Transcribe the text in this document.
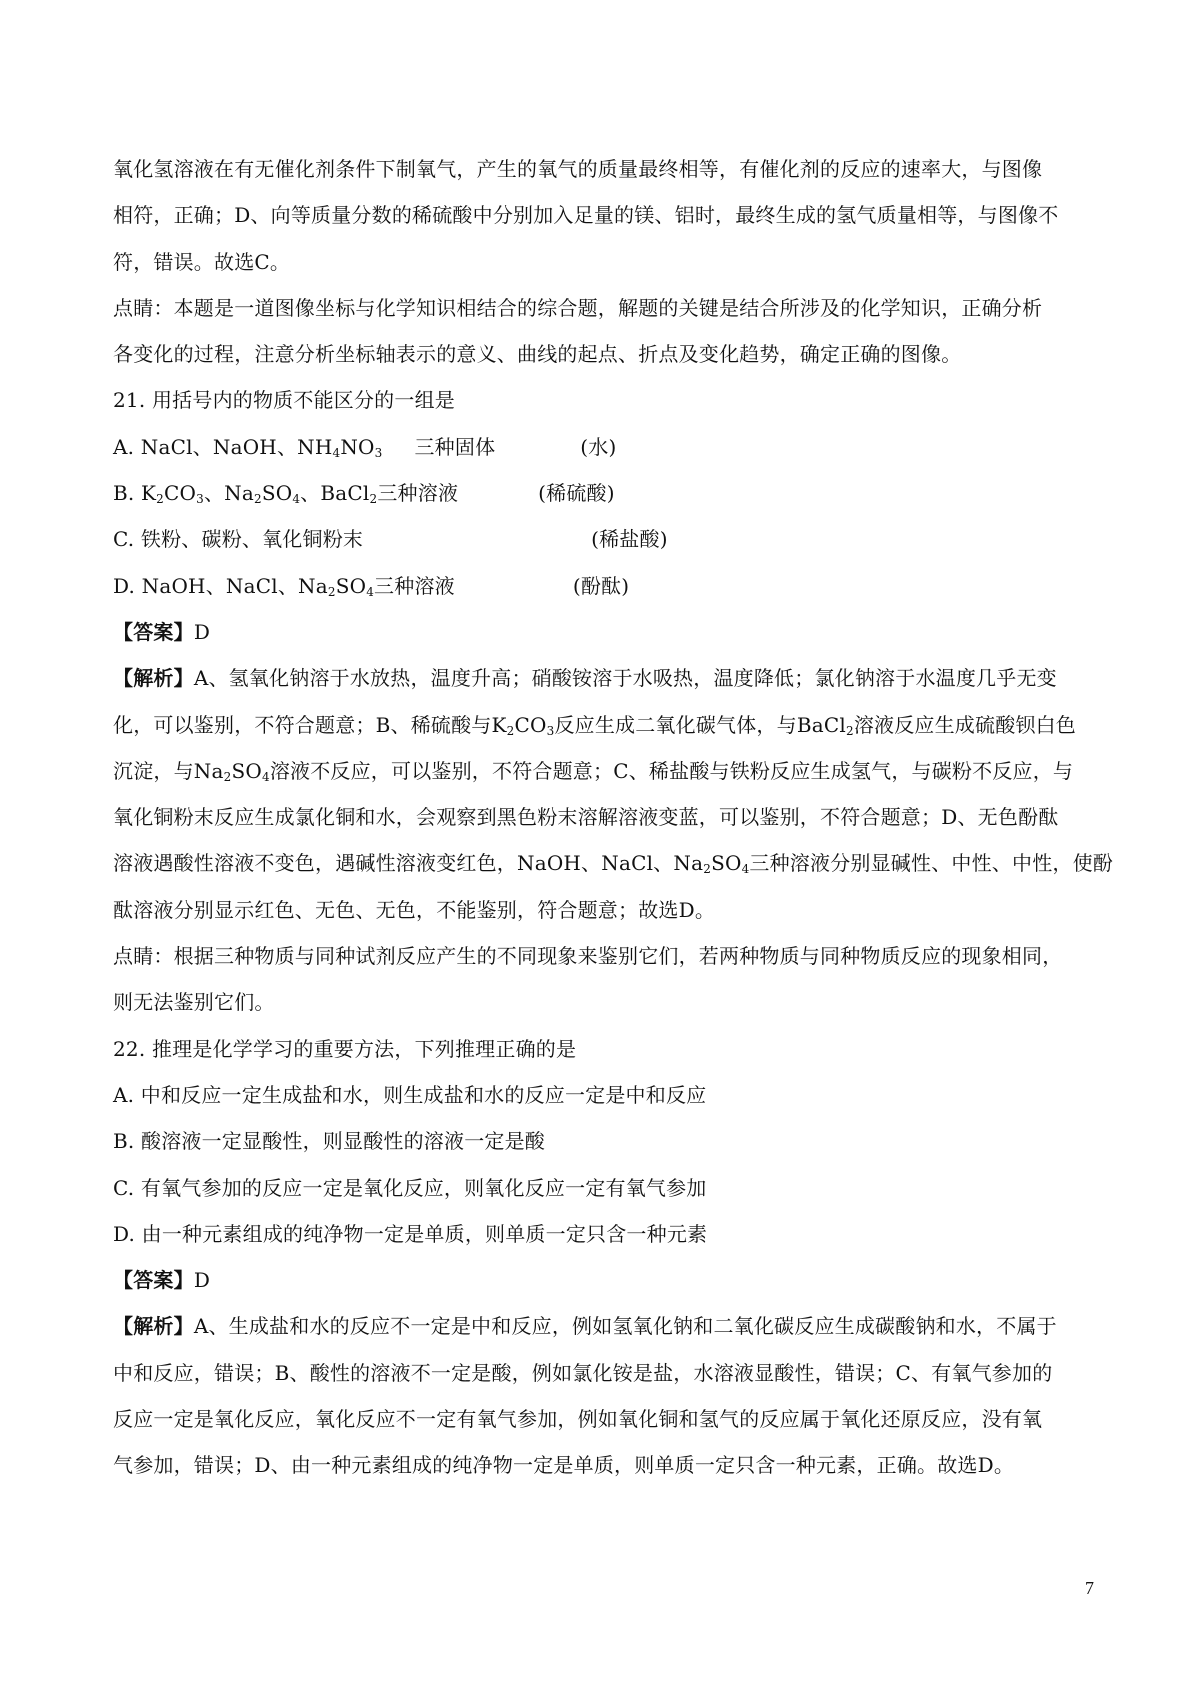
氧化氢溶液在有无催化剂条件下制氧气，产生的氧气的质量最终相等，有催化剂的反应的速率大，与图像
相符，正确；D、向等质量分数的稀硫酸中分别加入足量的镁、铝时，最终生成的氢气质量相等，与图像不
符，错误。故选C。
点睛：本题是一道图像坐标与化学知识相结合的综合题，解题的关键是结合所涉及的化学知识，正确分析
各变化的过程，注意分析坐标轴表示的意义、曲线的起点、折点及变化趋势，确定正确的图像。
21. 用括号内的物质不能区分的一组是
A. NaCl、NaOH、$NH_4NO_3$ 三种固体	(水)
B. $K_2CO_3$、$Na_2SO_4$、BaCl$_2$三种溶液	(稀硫酸)
C. 铁粉、碳粉、氧化铜粉末	(稀盐酸)
D. NaOH、NaCl、$Na_2SO_4$三种溶液	(酚酞)
【答案】D
【解析】A、氢氧化钠溶于水放热，温度升高；硝酸铵溶于水吸热，温度降低；氯化钠溶于水温度几乎无变
化，可以鉴别，不符合题意；B、稀硫酸与$K_2CO_3$反应生成二氧化碳气体，与BaCl$_2$溶液反应生成硫酸钡白色
沉淀，与$Na_2SO_4$溶液不反应，可以鉴别，不符合题意；C、稀盐酸与铁粉反应生成氢气，与碳粉不反应，与
氧化铜粉末反应生成氯化铜和水，会观察到黑色粉末溶解溶液变蓝，可以鉴别，不符合题意；D、无色酚酞
溶液遇酸性溶液不变色，遇碱性溶液变红色，NaOH、NaCl、$Na_2SO_4$三种溶液分别显碱性、中性、中性，使酚
酞溶液分别显示红色、无色、无色，不能鉴别，符合题意；故选D。
点睛：根据三种物质与同种试剂反应产生的不同现象来鉴别它们，若两种物质与同种物质反应的现象相同，
则无法鉴别它们。
22. 推理是化学学习的重要方法，下列推理正确的是
A. 中和反应一定生成盐和水，则生成盐和水的反应一定是中和反应
B. 酸溶液一定显酸性，则显酸性的溶液一定是酸
C. 有氧气参加的反应一定是氧化反应，则氧化反应一定有氧气参加
D. 由一种元素组成的纯净物一定是单质，则单质一定只含一种元素
【答案】D
【解析】A、生成盐和水的反应不一定是中和反应，例如氢氧化钠和二氧化碳反应生成碳酸钠和水，不属于
中和反应，错误；B、酸性的溶液不一定是酸，例如氯化铵是盐，水溶液显酸性，错误；C、有氧气参加的
反应一定是氧化反应，氧化反应不一定有氧气参加，例如氧化铜和氢气的反应属于氧化还原反应，没有氧
气参加，错误；D、由一种元素组成的纯净物一定是单质，则单质一定只含一种元素，正确。故选D。
7
